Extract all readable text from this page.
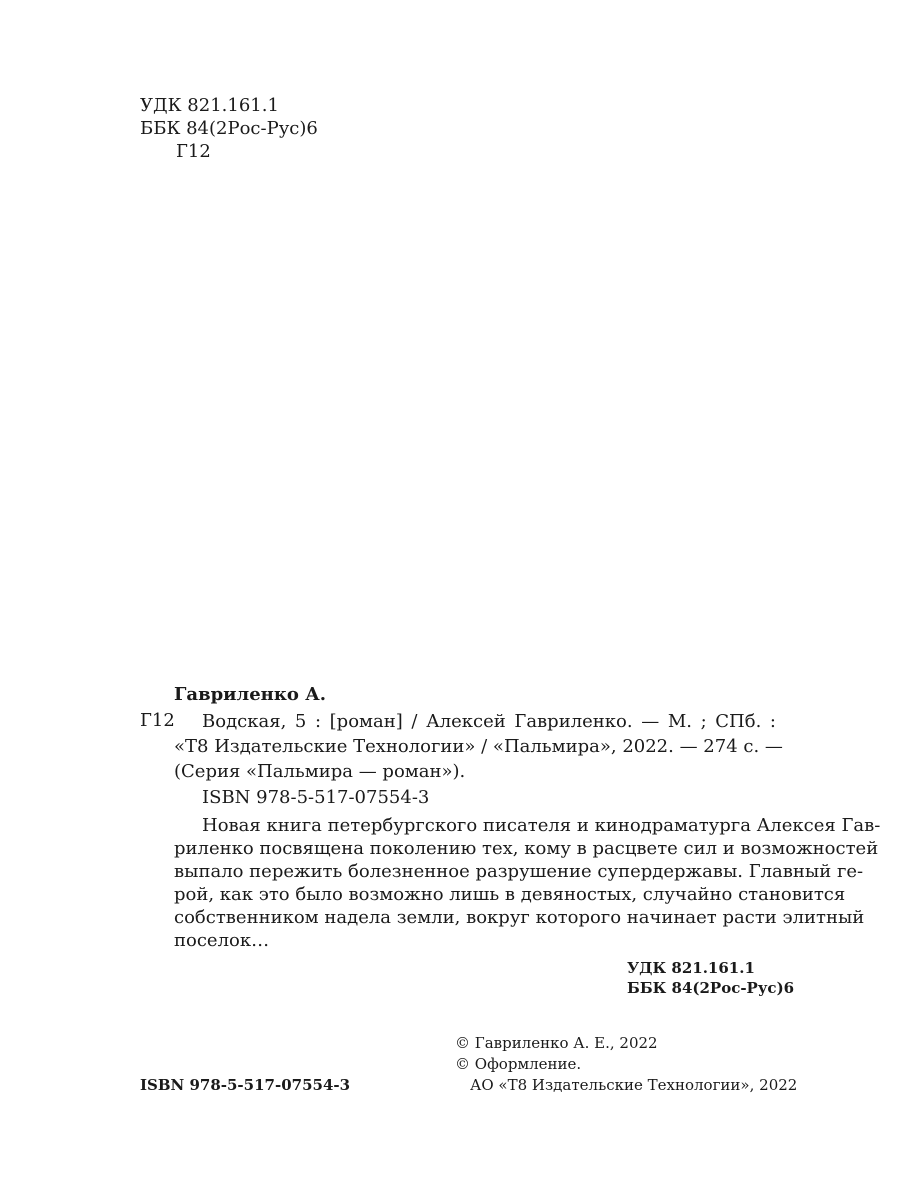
УДК 821.161.1
ББК 84(2Рос-Рус)6
Г12
Гавриленко А.
Г12 Водская, 5 : [роман] / Алексей Гавриленко. — М. ; СПб. :
«Т8 Издательские Технологии» / «Пальмира», 2022. — 274 с. —
(Серия «Пальмира — роман»).
ISBN 978-5-517-07554-3
Новая книга петербургского писателя и кинодраматурга Алексея Гав-
риленко посвящена поколению тех, кому в расцвете сил и возможностей
выпало пережить болезненное разрушение супердержавы. Главный ге-
рой, как это было возможно лишь в девяностых, случайно становится
собственником надела земли, вокруг которого начинает расти элитный
поселок…
УДК 821.161.1
ББК 84(2Рос-Рус)6
© Гавриленко А. Е., 2022
© Оформление.
АО «Т8 Издательские Технологии», 2022
ISBN 978-5-517-07554-3
